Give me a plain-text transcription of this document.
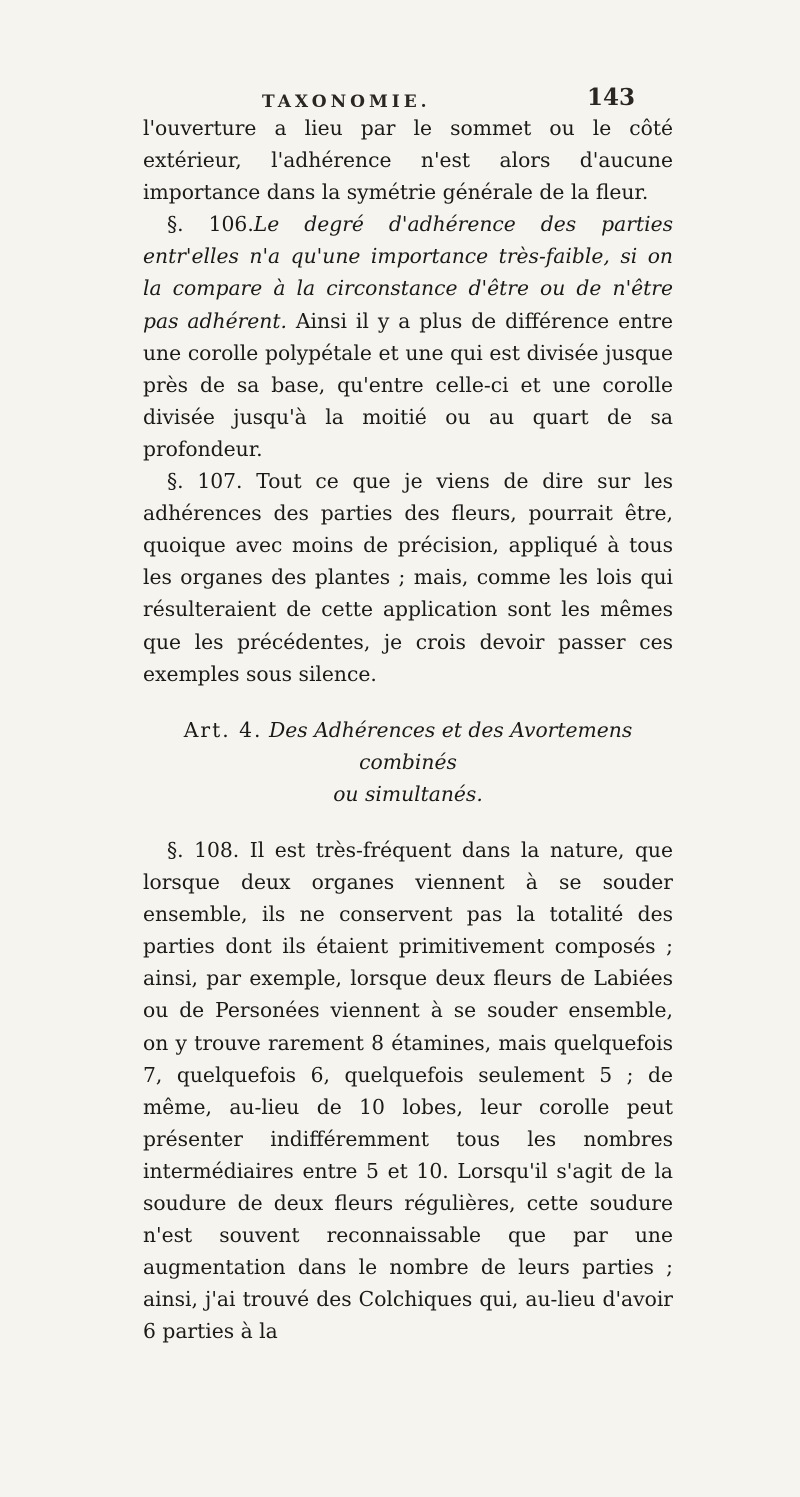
TAXONOMIE.	143

l'ouverture a lieu par le sommet ou le côté extérieur, l'adhérence n'est alors d'aucune importance dans la symétrie générale de la fleur.

§. 106.Le degré d'adhérence des parties entr'elles n'a qu'une importance très-faible, si on la compare à la circonstance d'être ou de n'être pas adhérent. Ainsi il y a plus de différence entre une corolle polypétale et une qui est divisée jusque près de sa base, qu'entre celle-ci et une corolle divisée jusqu'à la moitié ou au quart de sa profondeur.

§. 107. Tout ce que je viens de dire sur les adhérences des parties des fleurs, pourrait être, quoique avec moins de précision, appliqué à tous les organes des plantes ; mais, comme les lois qui résulteraient de cette application sont les mêmes que les précédentes, je crois devoir passer ces exemples sous silence.

Art. 4. Des Adhérences et des Avortemens combinés

ou simultanés.

§. 108. Il est très-fréquent dans la nature, que lorsque deux organes viennent à se souder ensemble, ils ne conservent pas la totalité des parties dont ils étaient primitivement composés ; ainsi, par exemple, lorsque deux fleurs de Labiées ou de Personées viennent à se souder ensemble, on y trouve rarement 8 étamines, mais quelquefois 7, quelquefois 6, quelquefois seulement 5 ; de même, au-lieu de 10 lobes, leur corolle peut présenter indifféremment tous les nombres intermédiaires entre 5 et 10. Lorsqu'il s'agit de la soudure de deux fleurs régulières, cette soudure n'est souvent reconnaissable que par une augmentation dans le nombre de leurs parties ; ainsi, j'ai trouvé des Colchiques qui, au-lieu d'avoir 6 parties à la
